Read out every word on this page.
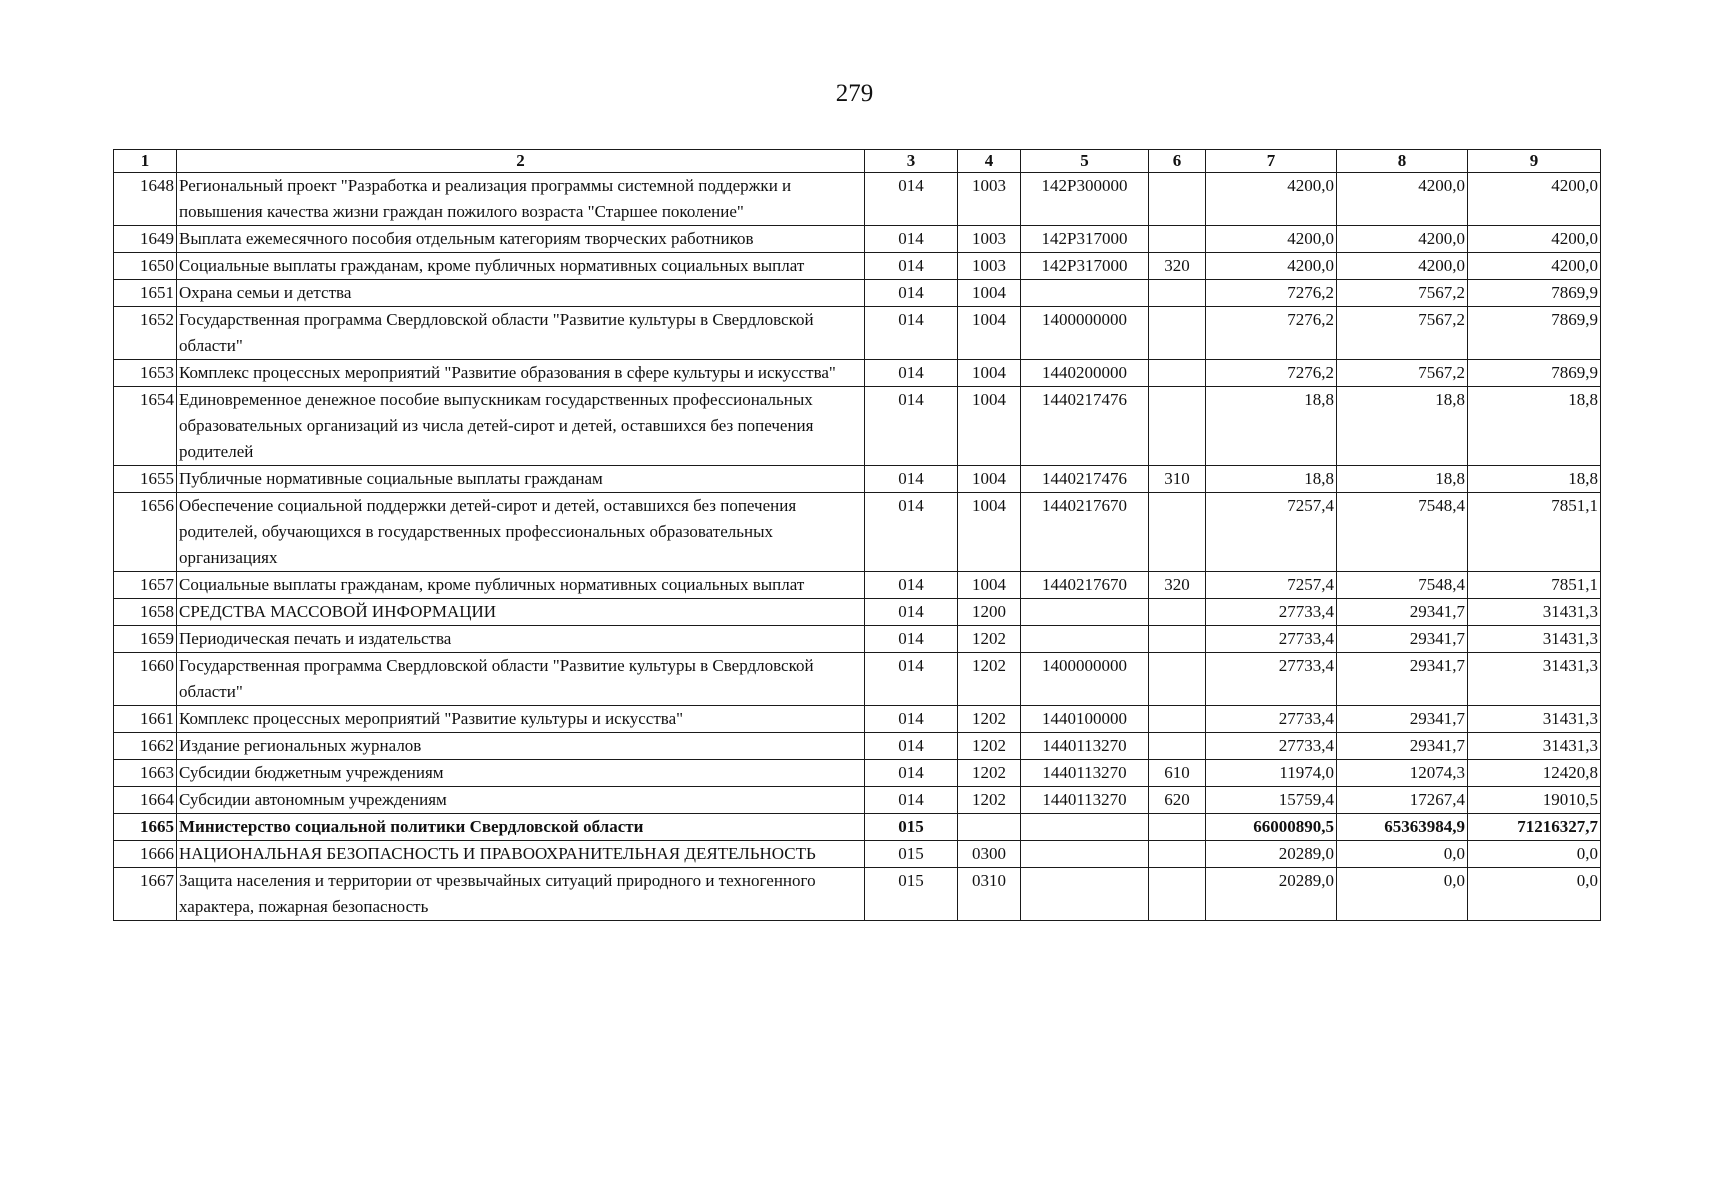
279
1	2	3	4	5	6	7	8	9
1648	Региональный проект "Разработка и реализация программы системной поддержки и повышения качества жизни граждан пожилого возраста "Старшее поколение"	014	1003	142Р300000		4200,0	4200,0	4200,0
1649	Выплата ежемесячного пособия отдельным категориям творческих работников	014	1003	142Р317000		4200,0	4200,0	4200,0
1650	Социальные выплаты гражданам, кроме публичных нормативных социальных выплат	014	1003	142Р317000	320	4200,0	4200,0	4200,0
1651	Охрана семьи и детства	014	1004			7276,2	7567,2	7869,9
1652	Государственная программа Свердловской области "Развитие культуры в Свердловской области"	014	1004	1400000000		7276,2	7567,2	7869,9
1653	Комплекс процессных мероприятий "Развитие образования в сфере культуры и искусства"	014	1004	1440200000		7276,2	7567,2	7869,9
1654	Единовременное денежное пособие выпускникам государственных профессиональных образовательных организаций из числа детей-сирот и детей, оставшихся без попечения родителей	014	1004	1440217476		18,8	18,8	18,8
1655	Публичные нормативные социальные выплаты гражданам	014	1004	1440217476	310	18,8	18,8	18,8
1656	Обеспечение социальной поддержки детей-сирот и детей, оставшихся без попечения родителей, обучающихся в государственных профессиональных образовательных организациях	014	1004	1440217670		7257,4	7548,4	7851,1
1657	Социальные выплаты гражданам, кроме публичных нормативных социальных выплат	014	1004	1440217670	320	7257,4	7548,4	7851,1
1658	СРЕДСТВА МАССОВОЙ ИНФОРМАЦИИ	014	1200			27733,4	29341,7	31431,3
1659	Периодическая печать и издательства	014	1202			27733,4	29341,7	31431,3
1660	Государственная программа Свердловской области "Развитие культуры в Свердловской области"	014	1202	1400000000		27733,4	29341,7	31431,3
1661	Комплекс процессных мероприятий "Развитие культуры и искусства"	014	1202	1440100000		27733,4	29341,7	31431,3
1662	Издание региональных журналов	014	1202	1440113270		27733,4	29341,7	31431,3
1663	Субсидии бюджетным учреждениям	014	1202	1440113270	610	11974,0	12074,3	12420,8
1664	Субсидии автономным учреждениям	014	1202	1440113270	620	15759,4	17267,4	19010,5
1665	Министерство социальной политики Свердловской области	015				66000890,5	65363984,9	71216327,7
1666	НАЦИОНАЛЬНАЯ БЕЗОПАСНОСТЬ И ПРАВООХРАНИТЕЛЬНАЯ ДЕЯТЕЛЬНОСТЬ	015	0300			20289,0	0,0	0,0
1667	Защита населения и территории от чрезвычайных ситуаций природного и техногенного характера, пожарная безопасность	015	0310			20289,0	0,0	0,0
